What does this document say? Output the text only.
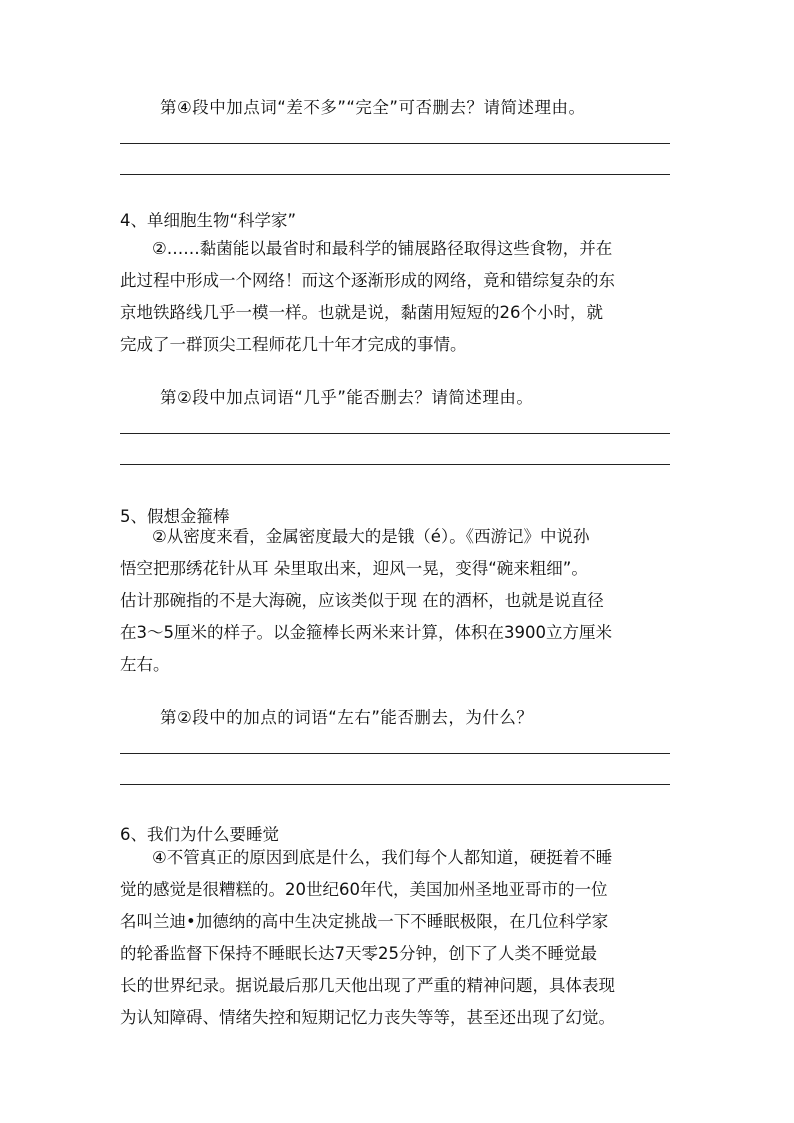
第④段中加点词“差不多”“完全”可否删去？请简述理由。
4、单细胞生物“科学家”
②……黏菌能以最省时和最科学的铺展路径取得这些食物，并在
此过程中形成一个网络！而这个逐渐形成的网络，竟和错综复杂的东
京地铁路线几乎一模一样。也就是说，黏菌用短短的26个小时，就
完成了一群顶尖工程师花几十年才完成的事情。
第②段中加点词语“几乎”能否删去？请简述理由。
5、假想金箍棒
②从密度来看，金属密度最大的是锇（é）。《西游记》中说孙
悟空把那绣花针从耳 朵里取出来，迎风一晃，变得“碗来粗细”。
估计那碗指的不是大海碗，应该类似于现 在的酒杯，也就是说直径
在3～5厘米的样子。以金箍棒长两米来计算，体积在3900立方厘米
左右。
第②段中的加点的词语“左右”能否删去，为什么？
6、我们为什么要睡觉
④不管真正的原因到底是什么，我们每个人都知道，硬挺着不睡
觉的感觉是很糟糕的。20世纪60年代，美国加州圣地亚哥市的一位
名叫兰迪•加德纳的高中生决定挑战一下不睡眠极限，在几位科学家
的轮番监督下保持不睡眠长达7天零25分钟，创下了人类不睡觉最
长的世界纪录。据说最后那几天他出现了严重的精神问题，具体表现
为认知障碍、情绪失控和短期记忆力丧失等等，甚至还出现了幻觉。
